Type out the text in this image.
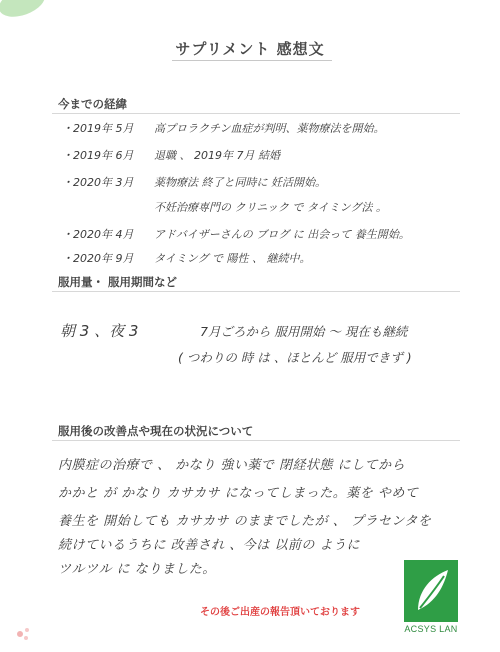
サプリメント 感想文
今までの経緯
・2019年 5月 高プロラクチン血症が判明、薬物療法を開始。
・2019年 6月 退職 、 2019年 7月 結婚
・2020年 3月 薬物療法 終了と同時に 妊活開始。
不妊治療専門の クリニック で タイミング法 。
・2020年 4月 アドバイザーさんの ブログ に 出会って 養生開始。
・2020年 9月 タイミング で 陽性 、 継続中。
服用量・ 服用期間など
朝 3 、夜 3	7月ごろから 服用開始 〜 現在も継続
( つわりの 時 は 、ほとんど 服用できず )
服用後の改善点や現在の状況について
内膜症の治療で 、 かなり 強い薬で 閉経状態 にしてから
かかと が かなり カサカサ になってしまった。薬を やめて
養生を 開始しても カサカサ のままでしたが 、 プラセンタを
続けているうちに 改善され 、今は 以前の ように
ツルツル に なりました。
その後ご出産の報告頂いております
ACSYS LAN
